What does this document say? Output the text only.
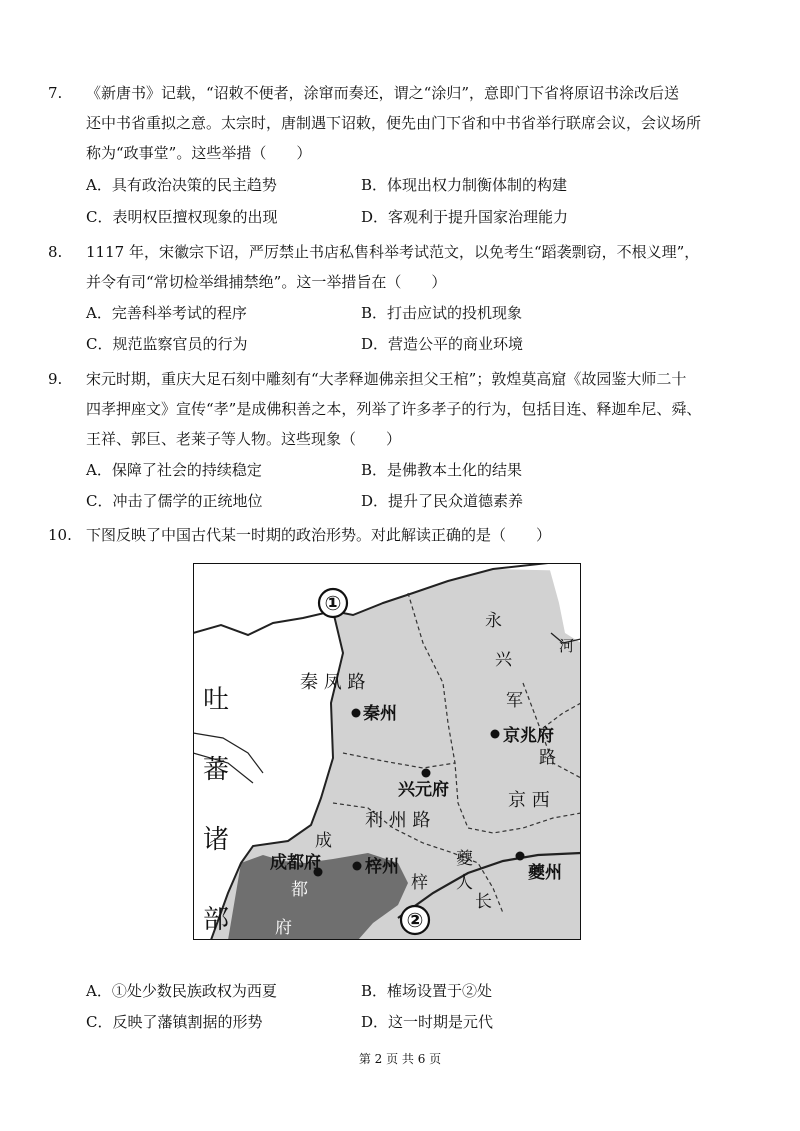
7.	《新唐书》记载，“诏敕不便者，涂窜而奏还，谓之“涂归”，意即门下省将原诏书涂改后送
还中书省重拟之意。太宗时，唐制遇下诏敕，便先由门下省和中书省举行联席会议，会议场所
称为“政事堂”。这些举措（　　）
A．具有政治决策的民主趋势	B．体现出权力制衡体制的构建
C．表明权臣擅权现象的出现	D．客观利于提升国家治理能力
8.	1117 年，宋徽宗下诏，严厉禁止书店私售科举考试范文，以免考生“蹈袭剽窃，不根义理”，
并令有司“常切检举缉捕禁绝”。这一举措旨在（　　）
A．完善科举考试的程序	B．打击应试的投机现象
C．规范监察官员的行为	D．营造公平的商业环境
9.	宋元时期，重庆大足石刻中雕刻有“大孝释迦佛亲担父王棺”；敦煌莫高窟《故园鉴大师二十
四孝押座文》宣传“孝”是成佛积善之本，列举了许多孝子的行为，包括目连、释迦牟尼、舜、
王祥、郭巨、老莱子等人物。这些现象（　　）
A．保障了社会的持续稳定	B．是佛教本土化的结果
C．冲击了儒学的正统地位	D．提升了民众道德素养
10. 下图反映了中国古代某一时期的政治形势。对此解读正确的是（　　）
①
②
永
兴
军
河
秦 凤 路
秦州
京兆府
路
兴元府
利 州 路
京 西
吐
蕃
诸
部
成
成都府
都
府
梓州
梓
夔
夔州
人
长
A．①处少数民族政权为西夏	B．榷场设置于②处
C．反映了藩镇割据的形势	D．这一时期是元代
第 2 页 共 6 页
